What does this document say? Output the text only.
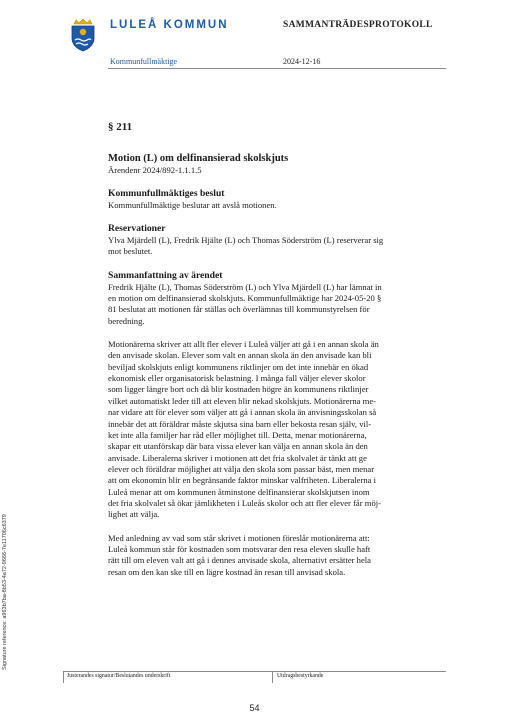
LULEÅ KOMMUN	SAMMANTRÄDESPROTOKOLL
Kommunfullmäktige	2024-12-16
§ 211
Motion (L) om delfinansierad skolskjuts

Ärendenr 2024/892-1.1.1.5

Kommunfullmäktiges beslut

Kommunfullmäktige beslutar att avslå motionen.

Reservationer
Ylva Mjärdell (L), Fredrik Hjälte (L) och Thomas Söderström (L) reserverar sig
mot beslutet.
Sammanfattning av ärendet
Fredrik Hjälte (L), Thomas Söderström (L) och Ylva Mjärdell (L) har lämnat in
en motion om delfinansierad skolskjuts. Kommunfullmäktige har 2024-05-20 §
81 beslutat att motionen får ställas och överlämnas till kommunstyrelsen för
beredning.
Motionärerna skriver att allt fler elever i Luleå väljer att gå i en annan skola än
den anvisade skolan. Elever som valt en annan skola än den anvisade kan bli
beviljad skolskjuts enligt kommunens riktlinjer om det inte innebär en ökad
ekonomisk eller organisatorisk belastning. I många fall väljer elever skolor
som ligger längre bort och då blir kostnaden högre än kommunens riktlinjer
vilket automatiskt leder till att eleven blir nekad skolskjuts. Motionärerna me-
nar vidare att för elever som väljer att gå i annan skola än anvisningsskolan så
innebär det att föräldrar måste skjutsa sina barn eller bekosta resan själv, vil-
ket inte alla familjer har råd eller möjlighet till. Detta, menar motionärerna,
skapar ett utanförskap där bara vissa elever kan välja en annan skola än den
anvisade. Liberalerna skriver i motionen att det fria skolvalet är tänkt att ge
elever och föräldrar möjlighet att välja den skola som passar bäst, men menar
att om ekonomin blir en begränsande faktor minskar valfriheten. Liberalerna i
Luleå menar att om kommunen åtminstone delfinansierar skolskjutsen inom
det fria skolvalet så ökar jämlikheten i Luleås skolor och att fler elever får möj-
lighet att välja.
Med anledning av vad som står skrivet i motionen föreslår motionärerna att:
Luleå kommun står för kostnaden som motsvarar den resa eleven skulle haft
rätt till om eleven valt att gå i dennes anvisade skola, alternativt ersätter hela
resan om den kan ske till en lägre kostnad än resan till anvisad skola.
Signature reference: a963b7ba-8b53-4a72-9666-7e11706c6379
Justerandes signatur/Beslutandes underskrift	Utdragsbestyrkande
54
